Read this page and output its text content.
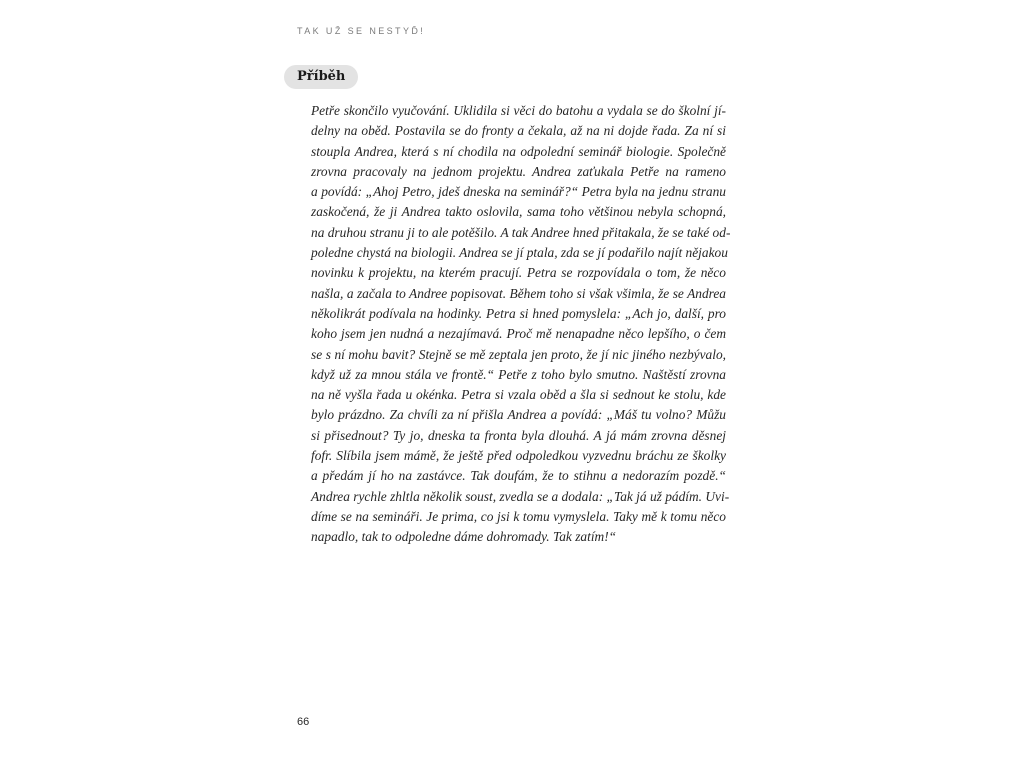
TAK UŽ SE NESTYĎ!
Příběh
Petře skončilo vyučování. Uklidila si věci do batohu a vydala se do školní jí-
delny na oběd. Postavila se do fronty a čekala, až na ni dojde řada. Za ní si
stoupla Andrea, která s ní chodila na odpolední seminář biologie. Společně
zrovna pracovaly na jednom projektu. Andrea zaťukala Petře na rameno
a povídá: „Ahoj Petro, jdeš dneska na seminář?“ Petra byla na jednu stranu
zaskočená, že ji Andrea takto oslovila, sama toho většinou nebyla schopná,
na druhou stranu ji to ale potěšilo. A tak Andree hned přitakala, že se také od-
poledne chystá na biologii. Andrea se jí ptala, zda se jí podařilo najít nějakou
novinku k projektu, na kterém pracují. Petra se rozpovídala o tom, že něco
našla, a začala to Andree popisovat. Během toho si však všimla, že se Andrea
několikrát podívala na hodinky. Petra si hned pomyslela: „Ach jo, další, pro
koho jsem jen nudná a nezajímavá. Proč mě nenapadne něco lepšího, o čem
se s ní mohu bavit? Stejně se mě zeptala jen proto, že jí nic jiného nezbývalo,
když už za mnou stála ve frontě.“ Petře z toho bylo smutno. Naštěstí zrovna
na ně vyšla řada u okénka. Petra si vzala oběd a šla si sednout ke stolu, kde
bylo prázdno. Za chvíli za ní přišla Andrea a povídá: „Máš tu volno? Můžu
si přisednout? Ty jo, dneska ta fronta byla dlouhá. A já mám zrovna děsnej
fofr. Slíbila jsem mámě, že ještě před odpoledkou vyzvednu bráchu ze školky
a předám jí ho na zastávce. Tak doufám, že to stihnu a nedorazím pozdě.“
Andrea rychle zhltla několik soust, zvedla se a dodala: „Tak já už pádím. Uvi-
díme se na semináři. Je prima, co jsi k tomu vymyslela. Taky mě k tomu něco
napadlo, tak to odpoledne dáme dohromady. Tak zatím!“
66
